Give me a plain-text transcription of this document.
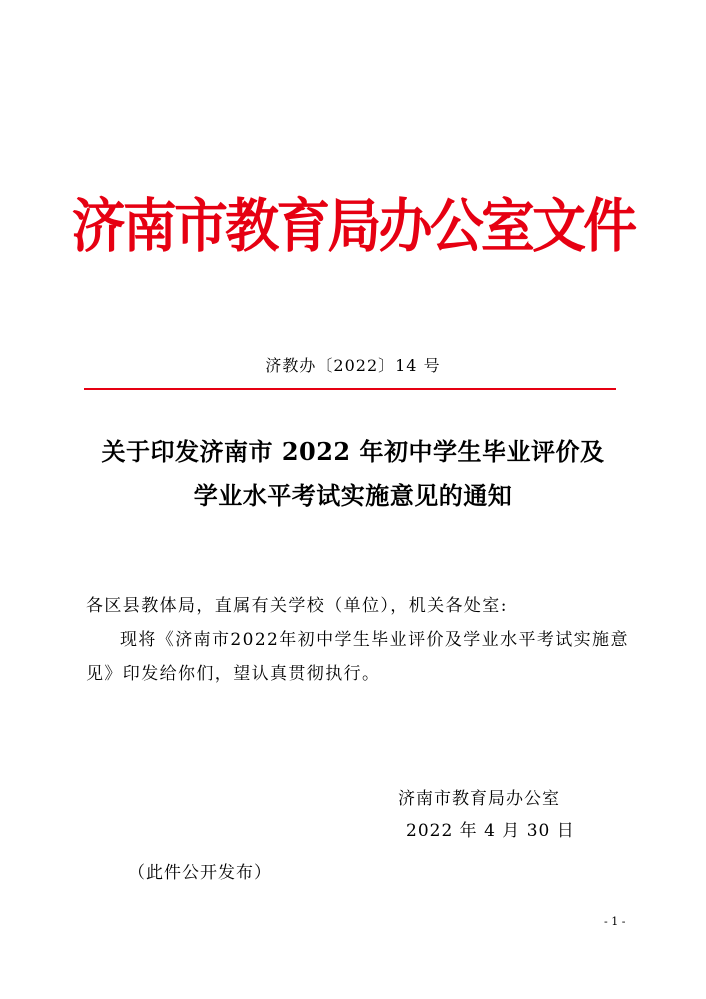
济南市教育局办公室文件
济教办〔2022〕14 号
关于印发济南市 2022 年初中学生毕业评价及
学业水平考试实施意见的通知
各区县教体局，直属有关学校（单位），机关各处室:
现将《济南市2022年初中学生毕业评价及学业水平考试实施意
见》印发给你们，望认真贯彻执行。
济南市教育局办公室
2022 年 4 月 30 日
（此件公开发布）
- 1 -
